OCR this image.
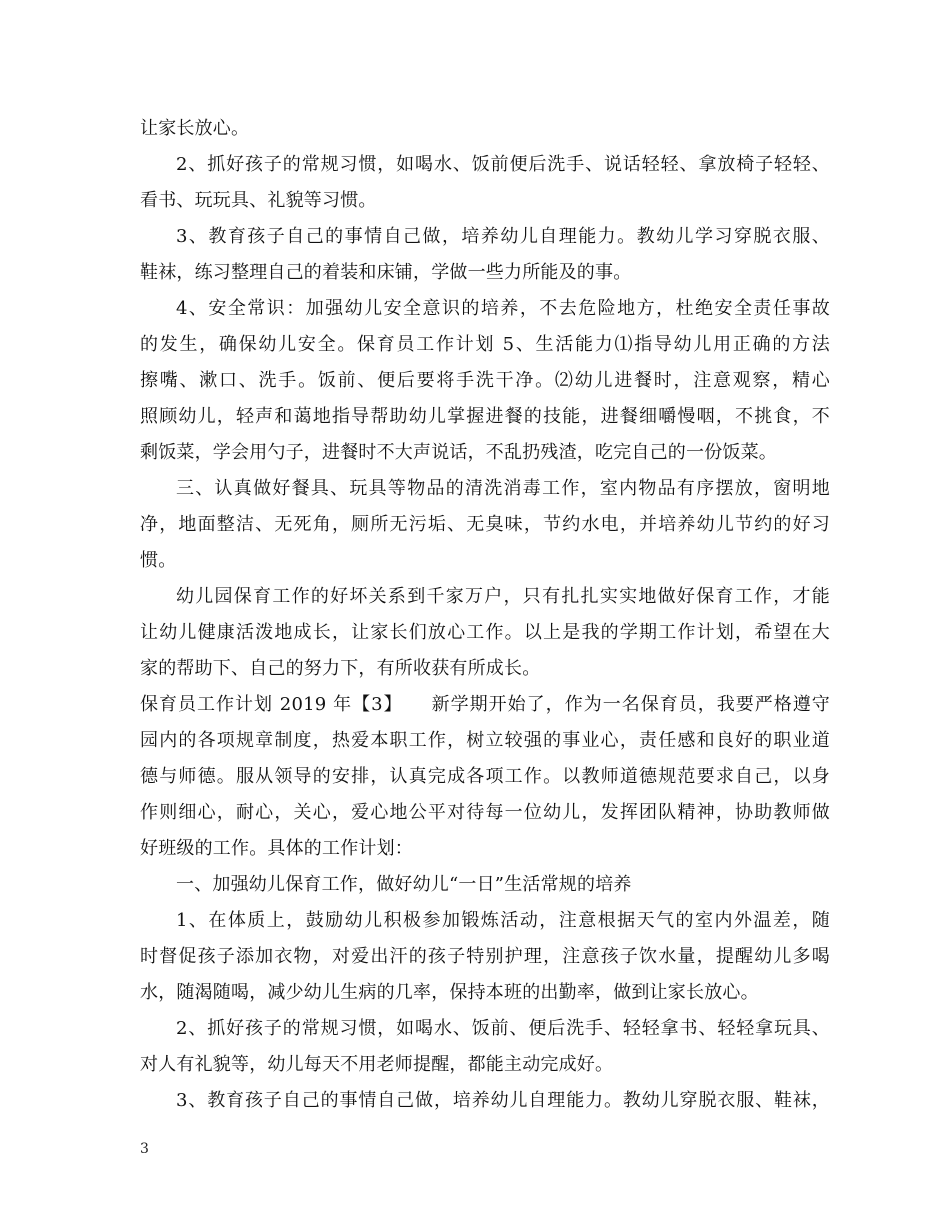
让家长放心。
2、抓好孩子的常规习惯，如喝水、饭前便后洗手、说话轻轻、拿放椅子轻轻、
看书、玩玩具、礼貌等习惯。
3、教育孩子自己的事情自己做，培养幼儿自理能力。教幼儿学习穿脱衣服、
鞋袜，练习整理自己的着装和床铺，学做一些力所能及的事。
4、安全常识：加强幼儿安全意识的培养，不去危险地方，杜绝安全责任事故
的发生，确保幼儿安全。保育员工作计划 5、生活能力⑴指导幼儿用正确的方法
擦嘴、漱口、洗手。饭前、便后要将手洗干净。⑵幼儿进餐时，注意观察，精心
照顾幼儿，轻声和蔼地指导帮助幼儿掌握进餐的技能，进餐细嚼慢咽，不挑食，不
剩饭菜，学会用勺子，进餐时不大声说话，不乱扔残渣，吃完自己的一份饭菜。
三、认真做好餐具、玩具等物品的清洗消毒工作，室内物品有序摆放，窗明地
净，地面整洁、无死角，厕所无污垢、无臭味，节约水电，并培养幼儿节约的好习
惯。
幼儿园保育工作的好坏关系到千家万户，只有扎扎实实地做好保育工作，才能
让幼儿健康活泼地成长，让家长们放心工作。以上是我的学期工作计划，希望在大
家的帮助下、自己的努力下，有所收获有所成长。
保育员工作计划 2019 年【3】　　新学期开始了，作为一名保育员，我要严格遵守
园内的各项规章制度，热爱本职工作，树立较强的事业心，责任感和良好的职业道
德与师德。服从领导的安排，认真完成各项工作。以教师道德规范要求自己，以身
作则细心，耐心，关心，爱心地公平对待每一位幼儿，发挥团队精神，协助教师做
好班级的工作。具体的工作计划：
一、加强幼儿保育工作，做好幼儿“一日”生活常规的培养
1、在体质上，鼓励幼儿积极参加锻炼活动，注意根据天气的室内外温差，随
时督促孩子添加衣物，对爱出汗的孩子特别护理，注意孩子饮水量，提醒幼儿多喝
水，随渴随喝，减少幼儿生病的几率，保持本班的出勤率，做到让家长放心。
2、抓好孩子的常规习惯，如喝水、饭前、便后洗手、轻轻拿书、轻轻拿玩具、
对人有礼貌等，幼儿每天不用老师提醒，都能主动完成好。
3、教育孩子自己的事情自己做，培养幼儿自理能力。教幼儿穿脱衣服、鞋袜，
3
